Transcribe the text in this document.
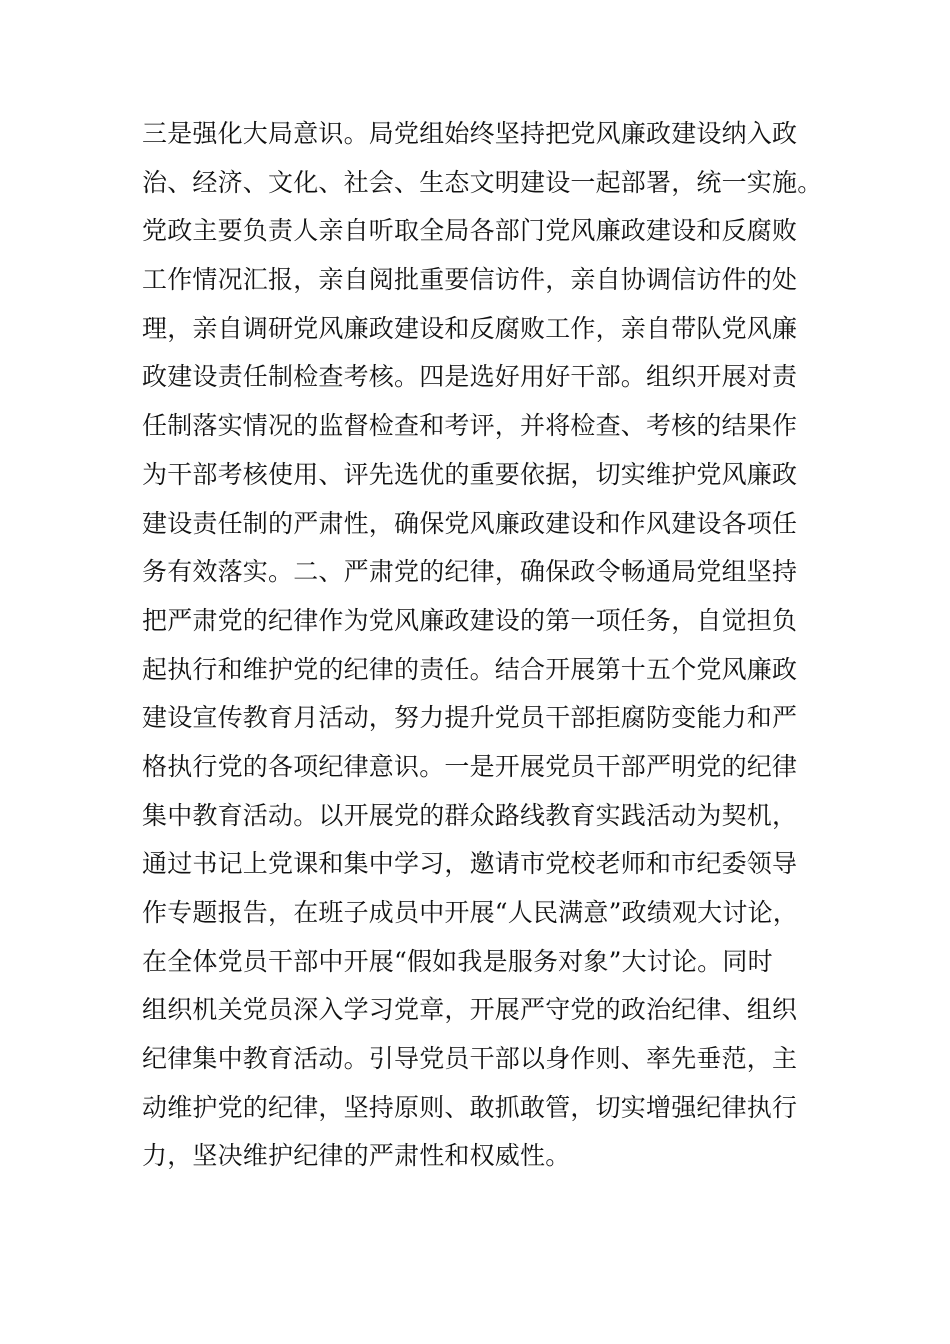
三是强化大局意识。局党组始终坚持把党风廉政建设纳入政
治、经济、文化、社会、生态文明建设一起部署，统一实施。
党政主要负责人亲自听取全局各部门党风廉政建设和反腐败
工作情况汇报，亲自阅批重要信访件，亲自协调信访件的处
理，亲自调研党风廉政建设和反腐败工作，亲自带队党风廉
政建设责任制检查考核。四是选好用好干部。组织开展对责
任制落实情况的监督检查和考评，并将检查、考核的结果作
为干部考核使用、评先选优的重要依据，切实维护党风廉政
建设责任制的严肃性，确保党风廉政建设和作风建设各项任
务有效落实。二、严肃党的纪律，确保政令畅通局党组坚持
把严肃党的纪律作为党风廉政建设的第一项任务，自觉担负
起执行和维护党的纪律的责任。结合开展第十五个党风廉政
建设宣传教育月活动，努力提升党员干部拒腐防变能力和严
格执行党的各项纪律意识。一是开展党员干部严明党的纪律
集中教育活动。以开展党的群众路线教育实践活动为契机，
通过书记上党课和集中学习，邀请市党校老师和市纪委领导
作专题报告，在班子成员中开展“人民满意”政绩观大讨论，
在全体党员干部中开展“假如我是服务对象”大讨论。同时
组织机关党员深入学习党章，开展严守党的政治纪律、组织
纪律集中教育活动。引导党员干部以身作则、率先垂范，主
动维护党的纪律，坚持原则、敢抓敢管，切实增强纪律执行
力，坚决维护纪律的严肃性和权威性。
